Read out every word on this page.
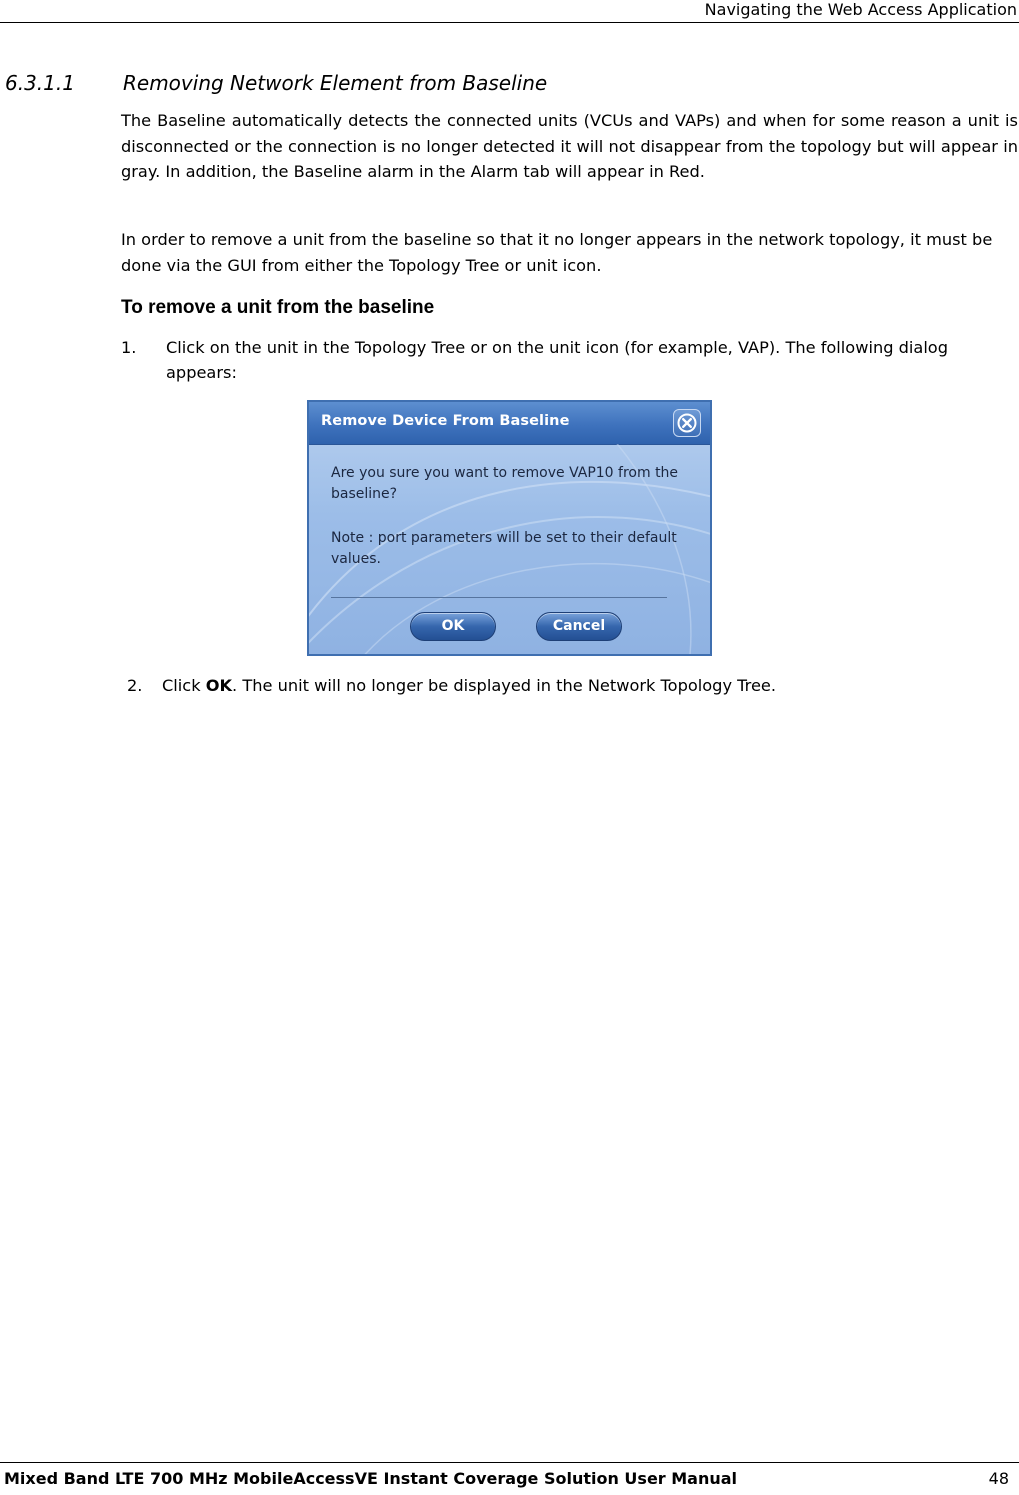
Navigating the Web Access Application
6.3.1.1 Removing Network Element from Baseline

The Baseline automatically detects the connected units (VCUs and VAPs) and when for some reason a unit is disconnected or the connection is no longer detected it will not disappear from the topology but will appear in gray. In addition, the Baseline alarm in the Alarm tab will appear in Red.

In order to remove a unit from the baseline so that it no longer appears in the network topology, it must be done via the GUI from either the Topology Tree or unit icon.

To remove a unit from the baseline
1. Click on the unit in the Topology Tree or on the unit icon (for example, VAP). The following dialog appears:
Remove Device From Baseline

Are you sure you want to remove VAP10 from the baseline?

Note : port parameters will be set to their default values.

OK	Cancel
2. Click OK. The unit will no longer be displayed in the Network Topology Tree.
Mixed Band LTE 700 MHz MobileAccessVE Instant Coverage Solution User Manual	48
